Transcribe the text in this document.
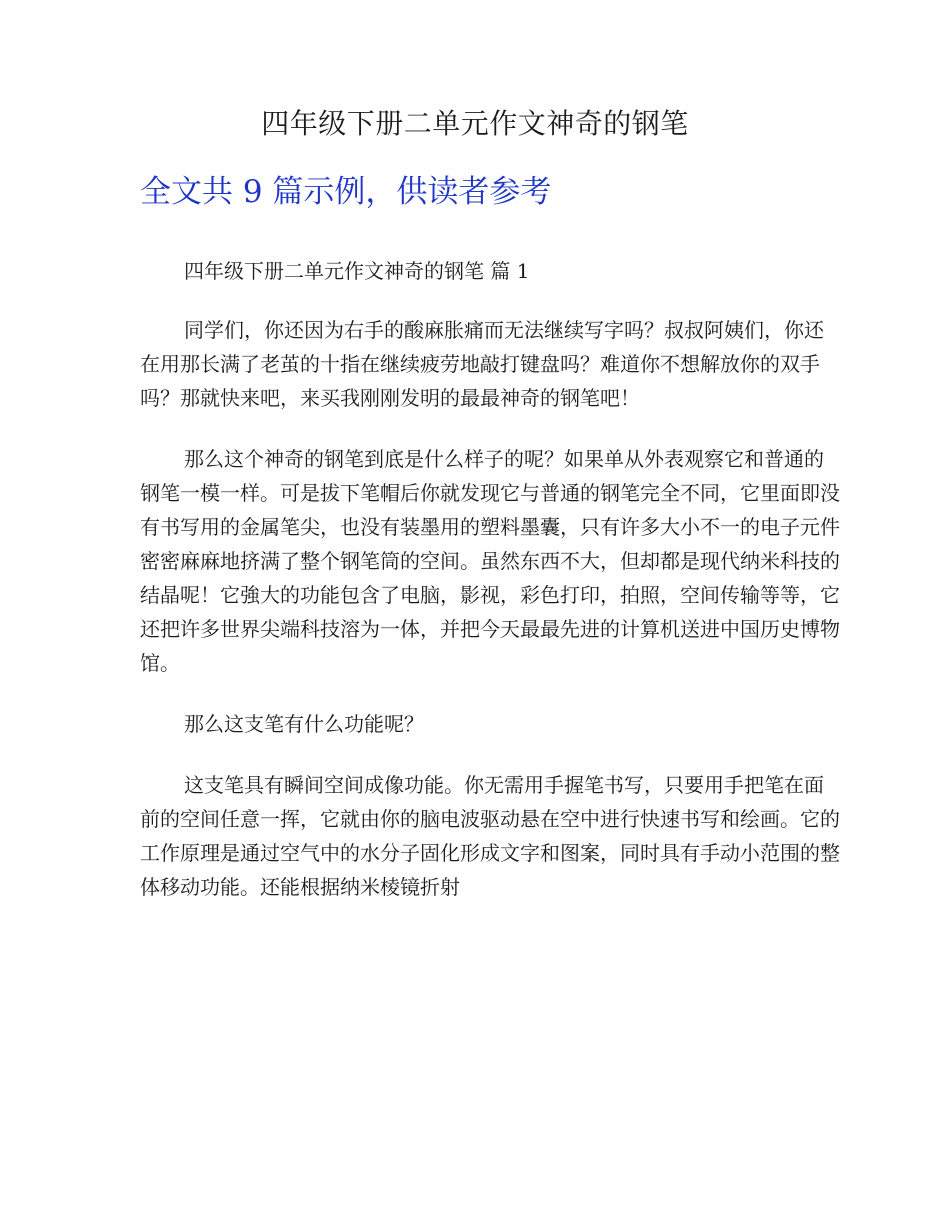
四年级下册二单元作文神奇的钢笔
全文共 9 篇示例，供读者参考
四年级下册二单元作文神奇的钢笔 篇 1

同学们，你还因为右手的酸麻胀痛而无法继续写字吗？叔叔阿姨们，你还在用那长满了老茧的十指在继续疲劳地敲打键盘吗？难道你不想解放你的双手吗？那就快来吧，来买我刚刚发明的最最神奇的钢笔吧！

那么这个神奇的钢笔到底是什么样子的呢？如果单从外表观察它和普通的钢笔一模一样。可是拔下笔帽后你就发现它与普通的钢笔完全不同，它里面即没有书写用的金属笔尖，也没有装墨用的塑料墨囊，只有许多大小不一的电子元件密密麻麻地挤满了整个钢笔筒的空间。虽然东西不大，但却都是现代纳米科技的结晶呢！它強大的功能包含了电脑，影视，彩色打印，拍照，空间传输等等，它还把许多世界尖端科技溶为一体，并把今天最最先进的计算机送进中国历史博物馆。

那么这支笔有什么功能呢？

这支笔具有瞬间空间成像功能。你无需用手握笔书写，只要用手把笔在面前的空间任意一挥，它就由你的脑电波驱动悬在空中进行快速书写和绘画。它的工作原理是通过空气中的水分子固化形成文字和图案，同时具有手动小范围的整体移动功能。还能根据纳米棱镜折射
